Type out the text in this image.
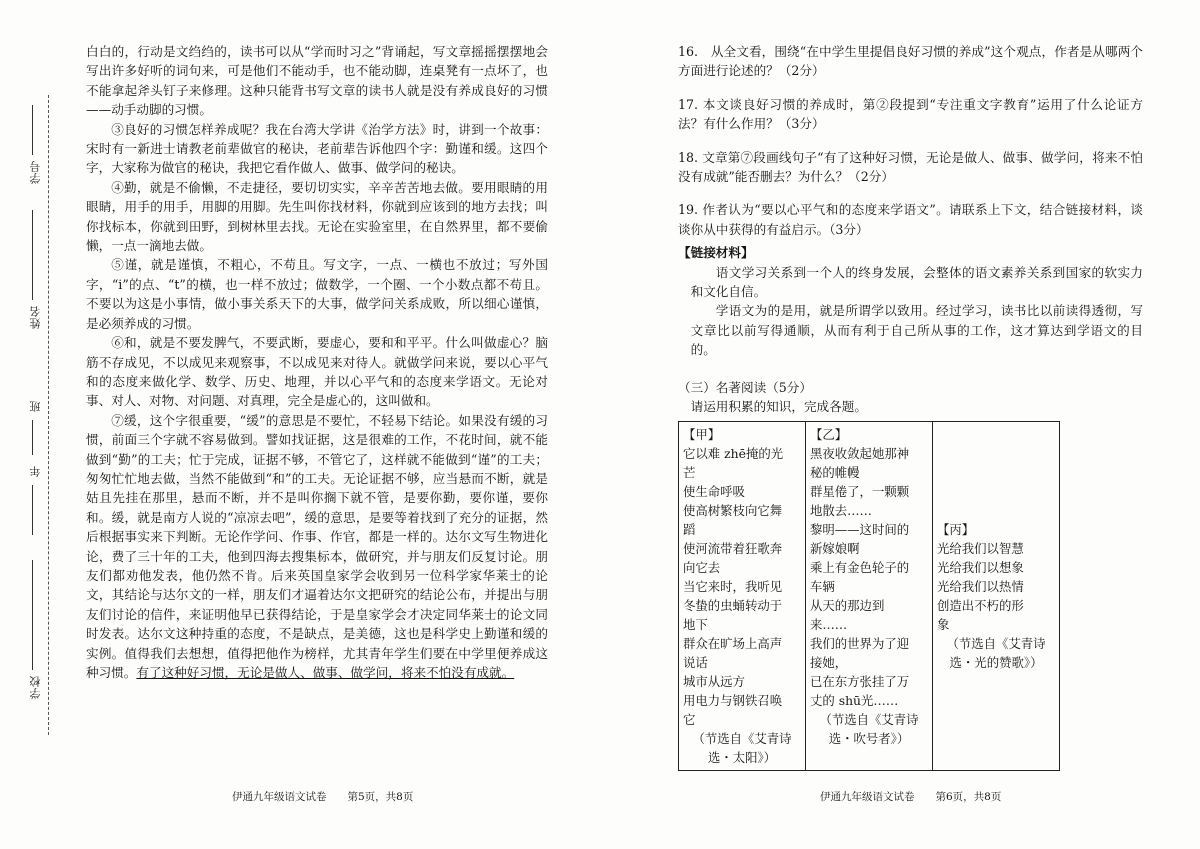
学号
姓名
班
年
学校

白白的，行动是文绉绉的，读书可以从“学而时习之”背诵起，写文章摇摇摆摆地会写出许多好听的词句来，可是他们不能动手，也不能动脚，连桌凳有一点坏了，也不能拿起斧头钉子来修理。这种只能背书写文章的读书人就是没有养成良好的习惯——动手动脚的习惯。

③良好的习惯怎样养成呢？我在台湾大学讲《治学方法》时，讲到一个故事：宋时有一新进士请教老前辈做官的秘诀，老前辈告诉他四个字：勤谨和缓。这四个字，大家称为做官的秘诀，我把它看作做人、做事、做学问的秘诀。

④勤，就是不偷懒，不走捷径，要切切实实，辛辛苦苦地去做。要用眼睛的用眼睛，用手的用手，用脚的用脚。先生叫你找材料，你就到应该到的地方去找；叫你找标本，你就到田野，到树林里去找。无论在实验室里，在自然界里，都不要偷懒，一点一滴地去做。

⑤谨，就是谨慎，不粗心，不苟且。写文字，一点、一横也不放过；写外国字，“i”的点、“t”的横，也一样不放过；做数学，一个圈、一个小数点都不苟且。不要以为这是小事情，做小事关系天下的大事，做学问关系成败，所以细心谨慎，是必须养成的习惯。

⑥和，就是不要发脾气，不要武断，要虚心，要和和平平。什么叫做虚心？脑筋不存成见，不以成见来观察事，不以成见来对待人。就做学问来说，要以心平气和的态度来做化学、数学、历史、地理，并以心平气和的态度来学语文。无论对事、对人、对物、对问题、对真理，完全是虚心的，这叫做和。

⑦缓，这个字很重要，“缓”的意思是不要忙，不轻易下结论。如果没有缓的习惯，前面三个字就不容易做到。譬如找证据，这是很难的工作，不花时间，就不能做到“勤”的工夫；忙于完成，证据不够，不管它了，这样就不能做到“谨”的工夫；匆匆忙忙地去做，当然不能做到“和”的工夫。无论证据不够，应当悬而不断，就是姑且先挂在那里，悬而不断，并不是叫你搁下就不管，是要你勤，要你谨，要你和。缓，就是南方人说的“凉凉去吧”，缓的意思，是要等着找到了充分的证据，然后根据事实来下判断。无论作学问、作事、作官，都是一样的。达尔文写生物进化论，费了三十年的工夫，他到四海去搜集标本，做研究，并与朋友们反复讨论。朋友们都劝他发表，他仍然不肯。后来英国皇家学会收到另一位科学家华莱士的论文，其结论与达尔文的一样，朋友们才逼着达尔文把研究的结论公布，并提出与朋友们讨论的信件，来证明他早已获得结论，于是皇家学会才决定同华莱士的论文同时发表。达尔文这种持重的态度，不是缺点，是美德，这也是科学史上勤谨和缓的实例。值得我们去想想，值得把他作为榜样，尤其青年学生们要在中学里便养成这种习惯。有了这种好习惯，无论是做人、做事、做学问，将来不怕没有成就。

伊通九年级语文试卷　　第5页，共8页

16.　从全文看，围绕“在中学生里提倡良好习惯的养成”这个观点，作者是从哪两个方面进行论述的？（2分）

17. 本文谈良好习惯的养成时，第②段提到“专注重文字教育”运用了什么论证方法？有什么作用？（3分）

18. 文章第⑦段画线句子“有了这种好习惯，无论是做人、做事、做学问，将来不怕没有成就”能否删去？为什么？（2分）

19. 作者认为“要以心平气和的态度来学语文”。请联系上下文，结合链接材料，谈谈你从中获得的有益启示。（3分）

【链接材料】

语文学习关系到一个人的终身发展，会整体的语文素养关系到国家的软实力和文化自信。

学语文为的是用，就是所谓学以致用。经过学习，读书比以前读得透彻，写文章比以前写得通顺，从而有利于自己所从事的工作，这才算达到学语文的目的。

（三）名著阅读（5分）

请运用积累的知识，完成各题。

【甲】
它以难 zhē掩的光
芒
使生命呼吸
使高树繁枝向它舞
蹈
使河流带着狂歌奔
向它去
当它来时，我听见
冬蛰的虫蛹转动于
地下
群众在旷场上高声
说话
城市从远方
用电力与钢铁召唤
它
（节选自《艾青诗选・太阳》）

【乙】
黑夜收敛起她那神
秘的帷幔
群星倦了，一颗颗
地散去……
黎明——这时间的
新嫁娘啊
乘上有金色轮子的
车辆
从天的那边到
来……
我们的世界为了迎
接她，
已在东方张挂了万
丈的 shū光……
（节选自《艾青诗选・吹号者》）

【丙】
光给我们以智慧
光给我们以想象
光给我们以热情
创造出不朽的形
象
（节选自《艾青诗选・光的赞歌》）
伊通九年级语文试卷　　第6页，共8页
